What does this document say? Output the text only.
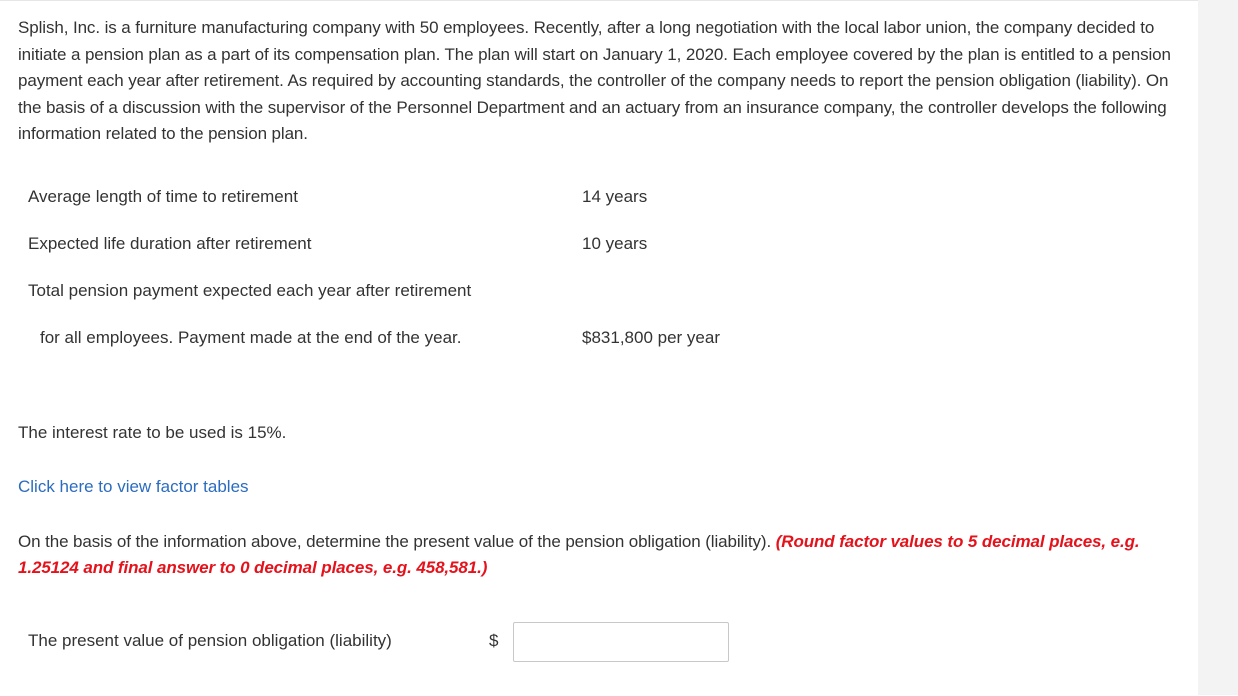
Splish, Inc. is a furniture manufacturing company with 50 employees. Recently, after a long negotiation with the local labor union, the company decided to initiate a pension plan as a part of its compensation plan. The plan will start on January 1, 2020. Each employee covered by the plan is entitled to a pension payment each year after retirement. As required by accounting standards, the controller of the company needs to report the pension obligation (liability). On the basis of a discussion with the supervisor of the Personnel Department and an actuary from an insurance company, the controller develops the following information related to the pension plan.

Average length of time to retirement	14 years
Expected life duration after retirement	10 years
Total pension payment expected each year after retirement
for all employees. Payment made at the end of the year.	$831,800 per year

The interest rate to be used is 15%.

Click here to view factor tables

On the basis of the information above, determine the present value of the pension obligation (liability). (Round factor values to 5 decimal places, e.g. 1.25124 and final answer to 0 decimal places, e.g. 458,581.)

The present value of pension obligation (liability)	$
